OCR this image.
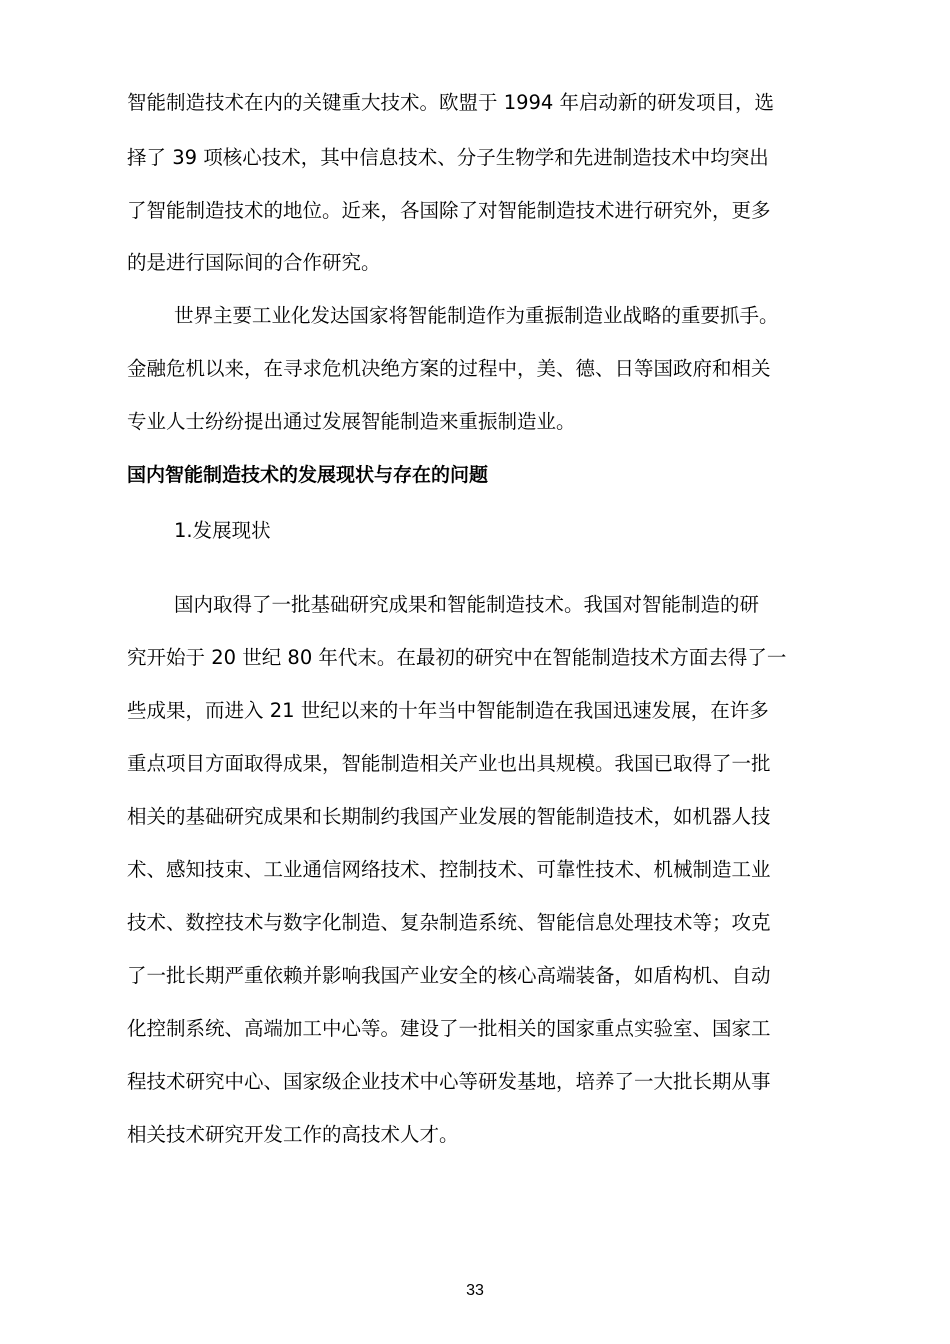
智能制造技术在内的关键重大技术。欧盟于 1994 年启动新的研发项目，选
择了 39 项核心技术，其中信息技术、分子生物学和先进制造技术中均突出
了智能制造技术的地位。近来，各国除了对智能制造技术进行研究外，更多
的是进行国际间的合作研究。
世界主要工业化发达国家将智能制造作为重振制造业战略的重要抓手。
金融危机以来，在寻求危机决绝方案的过程中，美、德、日等国政府和相关
专业人士纷纷提出通过发展智能制造来重振制造业。
国内智能制造技术的发展现状与存在的问题
1.发展现状
国内取得了一批基础研究成果和智能制造技术。我国对智能制造的研
究开始于 20 世纪 80 年代末。在最初的研究中在智能制造技术方面去得了一
些成果，而进入 21 世纪以来的十年当中智能制造在我国迅速发展，在许多
重点项目方面取得成果，智能制造相关产业也出具规模。我国已取得了一批
相关的基础研究成果和长期制约我国产业发展的智能制造技术，如机器人技
术、感知技束、工业通信网络技术、控制技术、可靠性技术、机械制造工业
技术、数控技术与数字化制造、复杂制造系统、智能信息处理技术等；攻克
了一批长期严重依赖并影响我国产业安全的核心高端装备，如盾构机、自动
化控制系统、高端加工中心等。建设了一批相关的国家重点实验室、国家工
程技术研究中心、国家级企业技术中心等研发基地，培养了一大批长期从事
相关技术研究开发工作的高技术人才。
33
